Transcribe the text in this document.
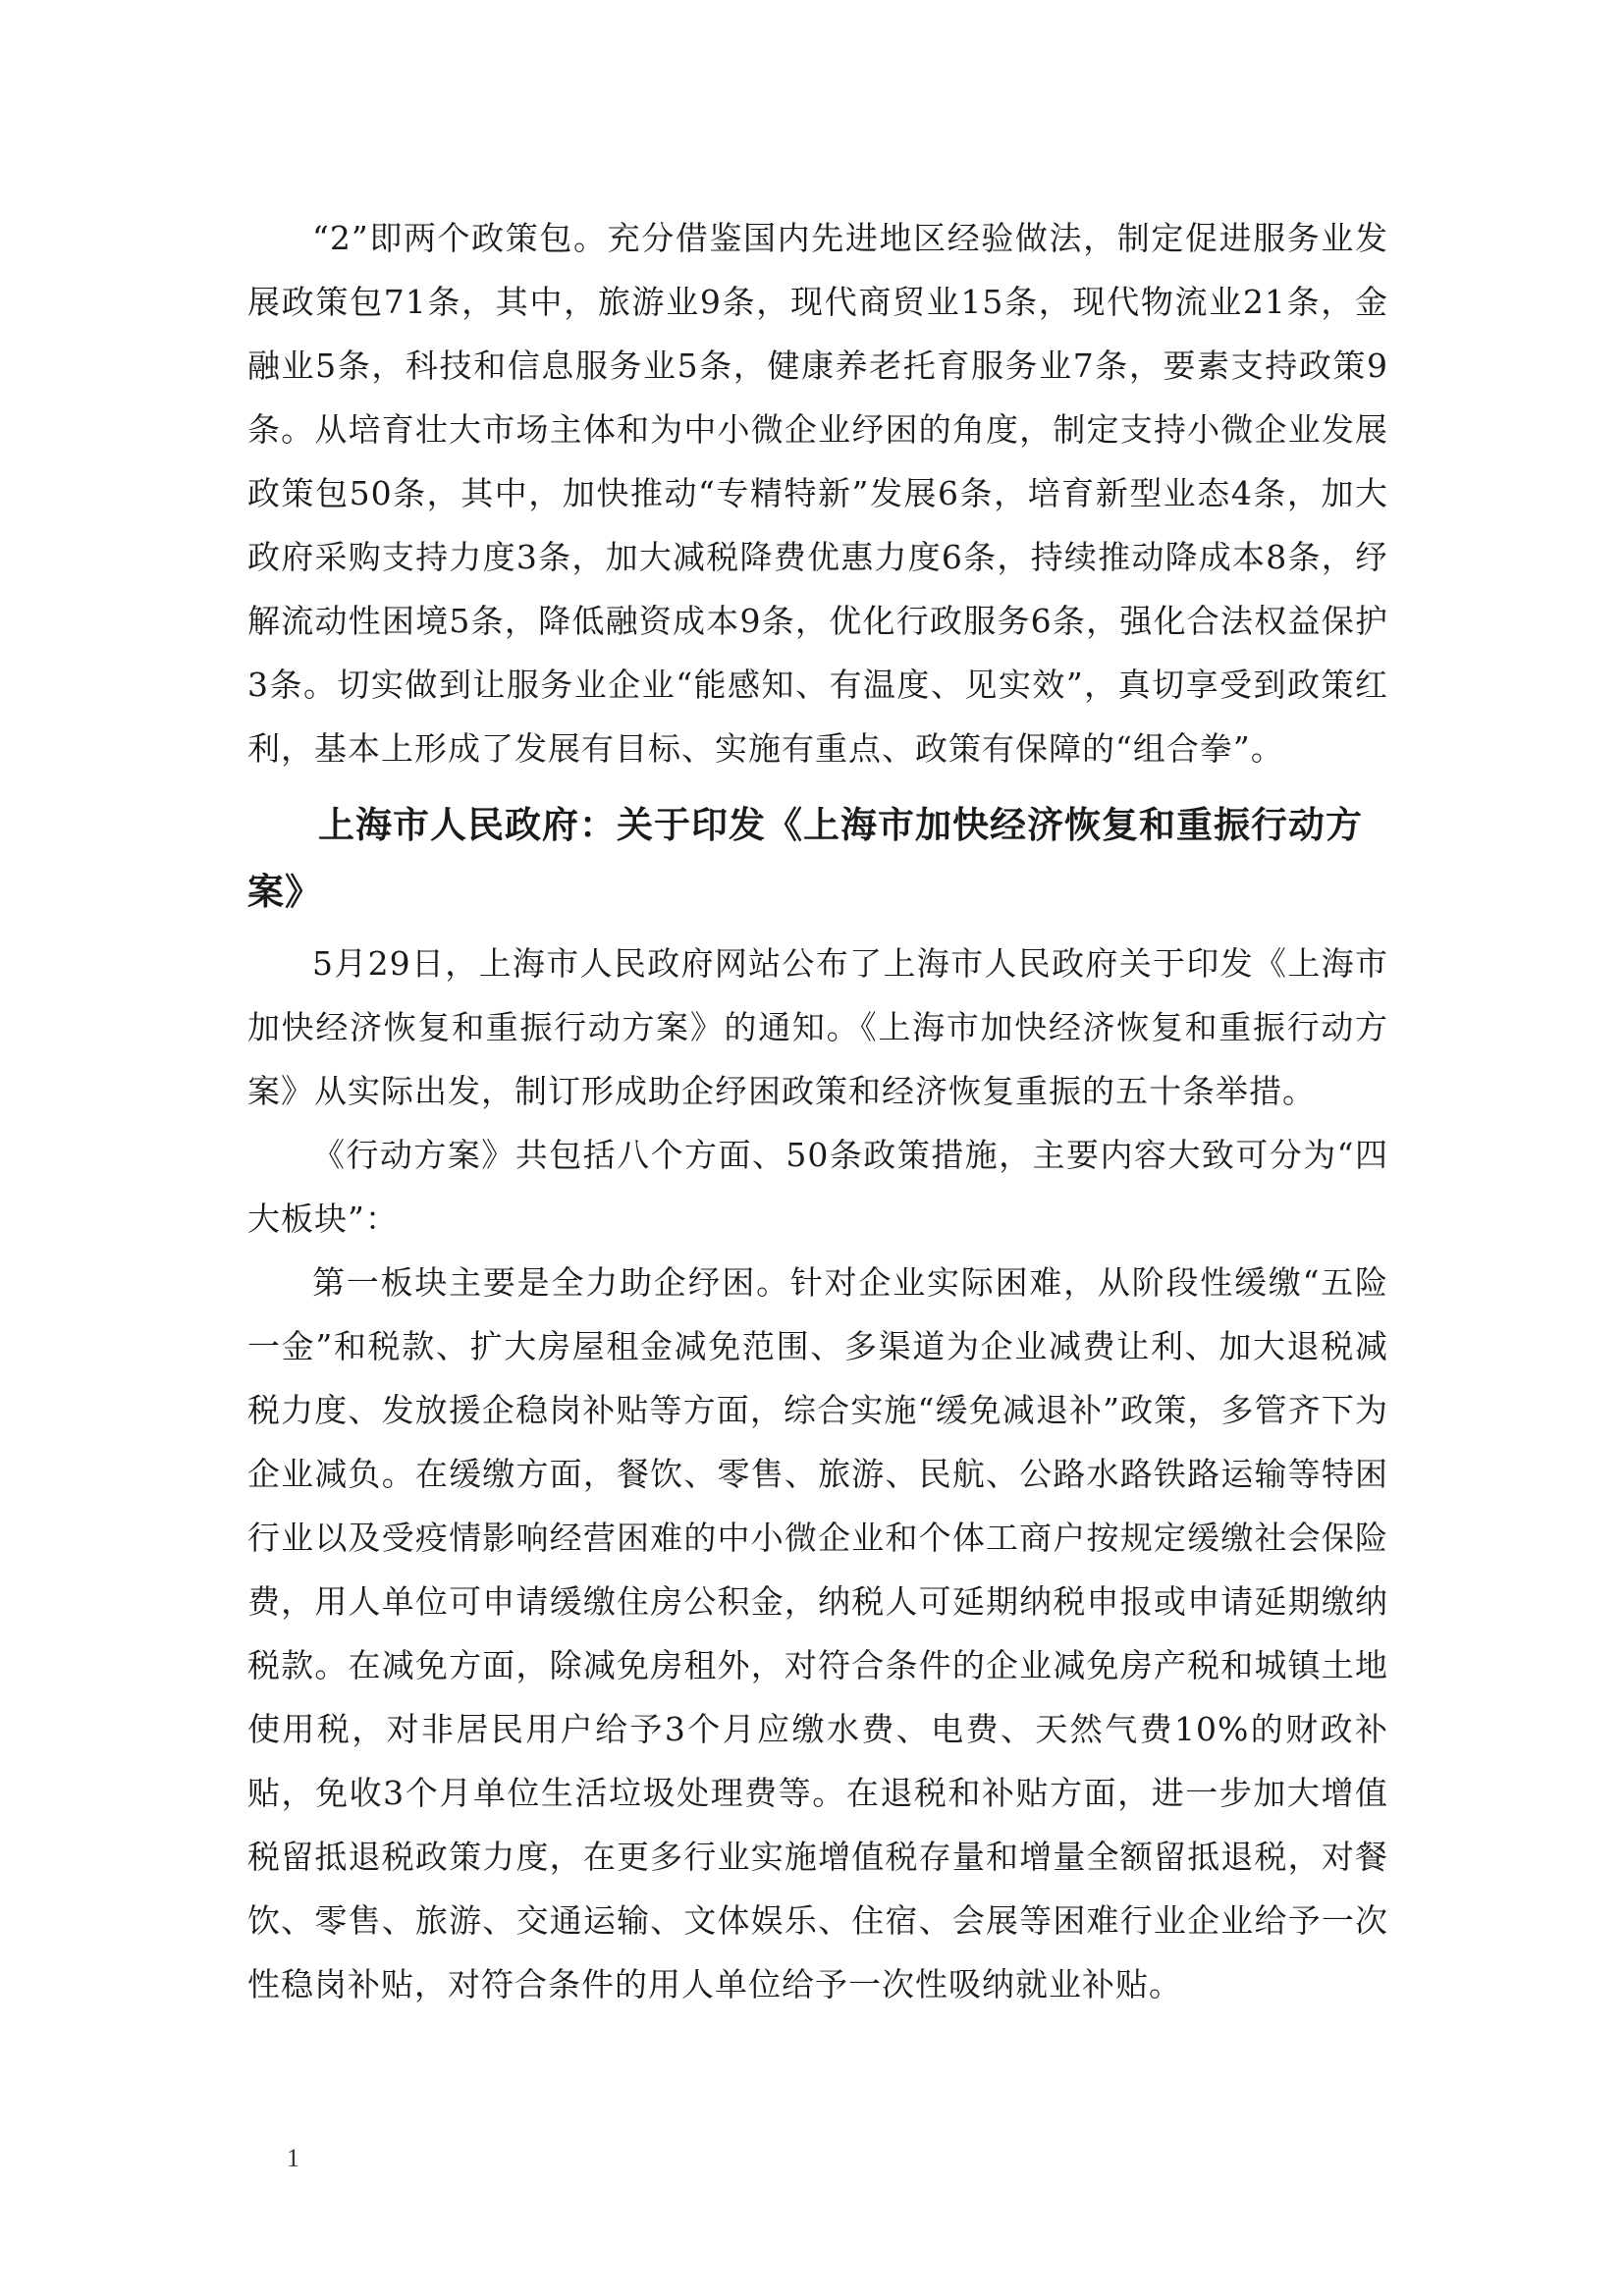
“2”即两个政策包。充分借鉴国内先进地区经验做法，制定促进服务业发展政策包71条，其中，旅游业9条，现代商贸业15条，现代物流业21条，金融业5条，科技和信息服务业5条，健康养老托育服务业7条，要素支持政策9条。从培育壮大市场主体和为中小微企业纾困的角度，制定支持小微企业发展政策包50条，其中，加快推动“专精特新”发展6条，培育新型业态4条，加大政府采购支持力度3条，加大减税降费优惠力度6条，持续推动降成本8条，纾解流动性困境5条，降低融资成本9条，优化行政服务6条，强化合法权益保护3条。切实做到让服务业企业“能感知、有温度、见实效”，真切享受到政策红利，基本上形成了发展有目标、实施有重点、政策有保障的“组合拳”。

上海市人民政府：关于印发《上海市加快经济恢复和重振行动方案》

5月29日，上海市人民政府网站公布了上海市人民政府关于印发《上海市加快经济恢复和重振行动方案》的通知。《上海市加快经济恢复和重振行动方案》从实际出发，制订形成助企纾困政策和经济恢复重振的五十条举措。

《行动方案》共包括八个方面、50条政策措施，主要内容大致可分为“四大板块”：

第一板块主要是全力助企纾困。针对企业实际困难，从阶段性缓缴“五险一金”和税款、扩大房屋租金减免范围、多渠道为企业减费让利、加大退税减税力度、发放援企稳岗补贴等方面，综合实施“缓免减退补”政策，多管齐下为企业减负。在缓缴方面，餐饮、零售、旅游、民航、公路水路铁路运输等特困行业以及受疫情影响经营困难的中小微企业和个体工商户按规定缓缴社会保险费，用人单位可申请缓缴住房公积金，纳税人可延期纳税申报或申请延期缴纳税款。在减免方面，除减免房租外，对符合条件的企业减免房产税和城镇土地使用税，对非居民用户给予3个月应缴水费、电费、天然气费10%的财政补贴，免收3个月单位生活垃圾处理费等。在退税和补贴方面，进一步加大增值税留抵退税政策力度，在更多行业实施增值税存量和增量全额留抵退税，对餐饮、零售、旅游、交通运输、文体娱乐、住宿、会展等困难行业企业给予一次性稳岗补贴，对符合条件的用人单位给予一次性吸纳就业补贴。

1
